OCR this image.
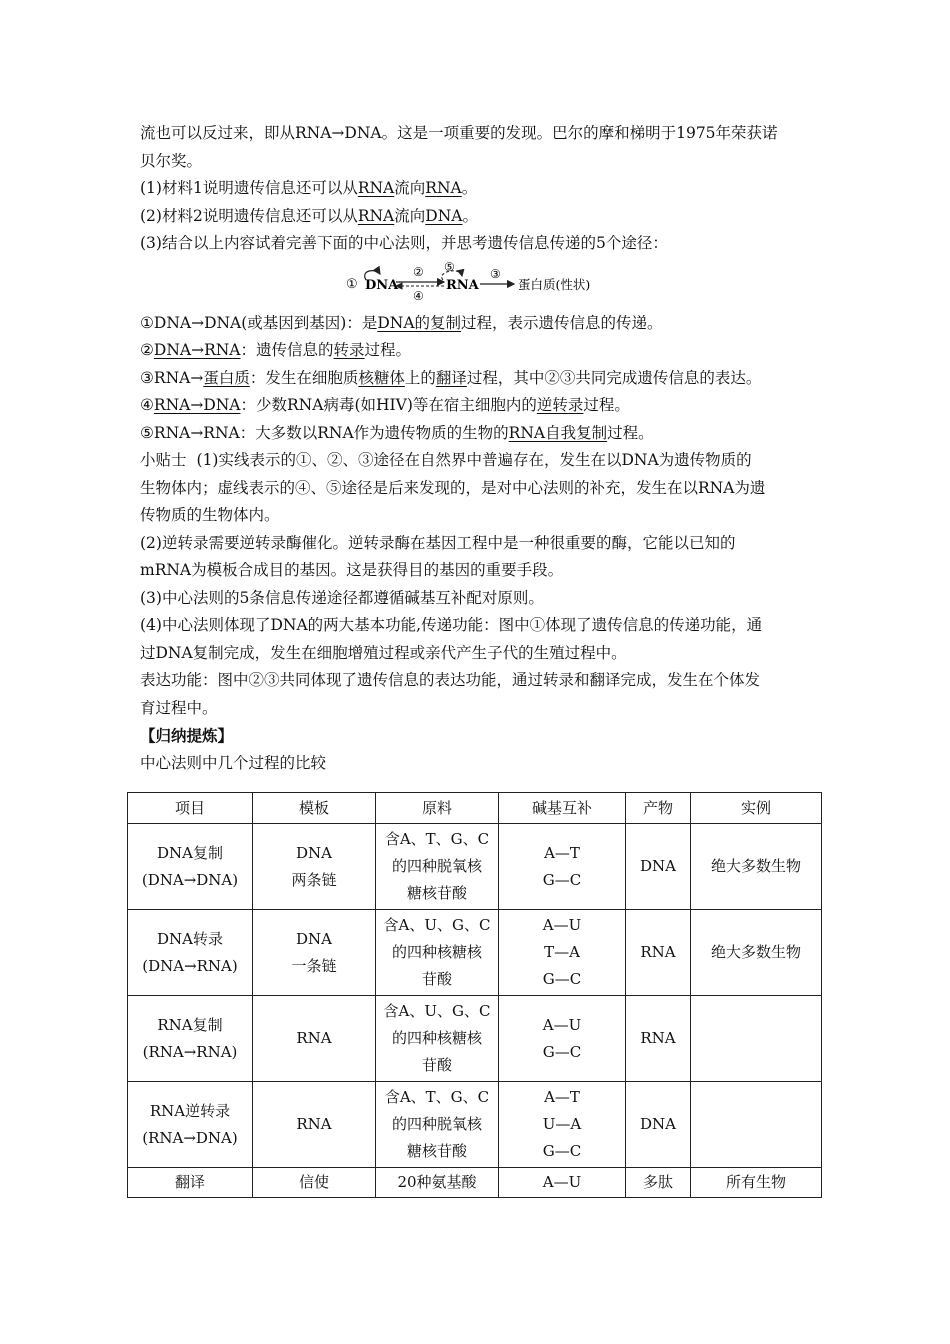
流也可以反过来，即从RNA→DNA。这是一项重要的发现。巴尔的摩和梯明于1975年荣获诺

贝尔奖。

(1)材料1说明遗传信息还可以从RNA流向RNA。

(2)材料2说明遗传信息还可以从RNA流向DNA。

(3)结合以上内容试着完善下面的中心法则，并思考遗传信息传递的5个途径：

① DNA
②
④
⑤
RNA
③
蛋白质(性状)

①DNA→DNA(或基因到基因)：是DNA的复制过程，表示遗传信息的传递。

②DNA→RNA：遗传信息的转录过程。

③RNA→蛋白质：发生在细胞质核糖体上的翻译过程，其中②③共同完成遗传信息的表达。

④RNA→DNA：少数RNA病毒(如HIV)等在宿主细胞内的逆转录过程。

⑤RNA→RNA：大多数以RNA作为遗传物质的生物的RNA自我复制过程。

小贴士 (1)实线表示的①、②、③途径在自然界中普遍存在，发生在以DNA为遗传物质的

生物体内；虚线表示的④、⑤途径是后来发现的，是对中心法则的补充，发生在以RNA为遗

传物质的生物体内。

(2)逆转录需要逆转录酶催化。逆转录酶在基因工程中是一种很重要的酶，它能以已知的

mRNA为模板合成目的基因。这是获得目的基因的重要手段。

(3)中心法则的5条信息传递途径都遵循碱基互补配对原则。

(4)中心法则体现了DNA的两大基本功能,传递功能：图中①体现了遗传信息的传递功能，通

过DNA复制完成，发生在细胞增殖过程或亲代产生子代的生殖过程中。

表达功能：图中②③共同体现了遗传信息的表达功能，通过转录和翻译完成，发生在个体发

育过程中。

【归纳提炼】

中心法则中几个过程的比较

项目	模板	原料	碱基互补	产物	实例

DNA复制
(DNA→DNA)	DNA
两条链	含A、T、G、C
的四种脱氧核
糖核苷酸	A—T
G—C	DNA	绝大多数生物

DNA转录
(DNA→RNA)	DNA
一条链	含A、U、G、C
的四种核糖核
苷酸	A—U
T—A
G—C	RNA	绝大多数生物

RNA复制
(RNA→RNA)	RNA	含A、U、G、C
的四种核糖核
苷酸	A—U
G—C	RNA	

RNA逆转录
(RNA→DNA)	RNA	含A、T、G、C
的四种脱氧核
糖核苷酸	A—T
U—A
G—C	DNA	

翻译	信使	20种氨基酸	A—U	多肽	所有生物
